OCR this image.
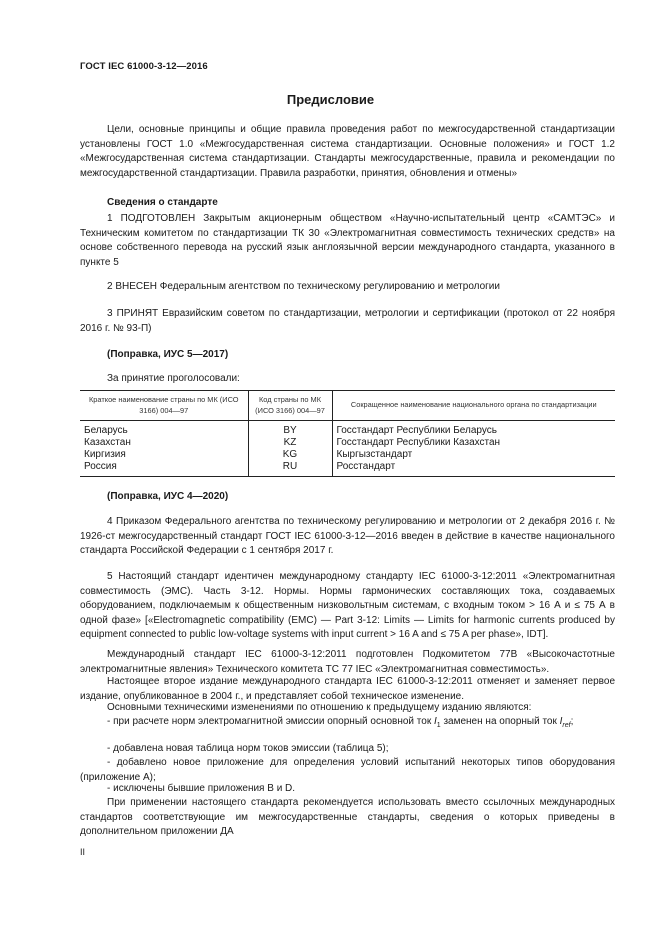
ГОСТ IEC 61000-3-12—2016
Предисловие

Цели, основные принципы и общие правила проведения работ по межгосударственной стандартизации установлены ГОСТ 1.0 «Межгосударственная система стандартизации. Основные положения» и ГОСТ 1.2 «Межгосударственная система стандартизации. Стандарты межгосударственные, правила и рекомендации по межгосударственной стандартизации. Правила разработки, принятия, обновления и отмены»

Сведения о стандарте

1 ПОДГОТОВЛЕН Закрытым акционерным обществом «Научно-испытательный центр «САМТЭС» и Техническим комитетом по стандартизации ТК 30 «Электромагнитная совместимость технических средств» на основе собственного перевода на русский язык англоязычной версии международного стандарта, указанного в пункте 5

2 ВНЕСЕН Федеральным агентством по техническому регулированию и метрологии

3 ПРИНЯТ Евразийским советом по стандартизации, метрологии и сертификации (протокол от 22 ноября 2016 г. № 93-П)

(Поправка, ИУС 5—2017)

За принятие проголосовали:

Краткое наименование страны по МК (ИСО 3166) 004—97	Код страны по МК (ИСО 3166) 004—97	Сокращенное наименование национального органа по стандартизации
Беларусь	BY	Госстандарт Республики Беларусь
Казахстан	KZ	Госстандарт Республики Казахстан
Киргизия	KG	Кыргызстандарт
Россия	RU	Росстандарт

(Поправка, ИУС 4—2020)

4 Приказом Федерального агентства по техническому регулированию и метрологии от 2 декабря 2016 г. № 1926-ст межгосударственный стандарт ГОСТ IEC 61000-3-12—2016 введен в действие в качестве национального стандарта Российской Федерации с 1 сентября 2017 г.

5 Настоящий стандарт идентичен международному стандарту IEC 61000-3-12:2011 «Электромагнитная совместимость (ЭМС). Часть 3-12. Нормы. Нормы гармонических составляющих тока, создаваемых оборудованием, подключаемым к общественным низковольтным системам, с входным током > 16 А и ≤ 75 А в одной фазе» [«Electromagnetic compatibility (EMC) — Part 3-12: Limits — Limits for harmonic currents produced by equipment connected to public low-voltage systems with input current > 16 A and ≤ 75 A per phase», IDT].

Международный стандарт IEC 61000-3-12:2011 подготовлен Подкомитетом 77В «Высокочастотные электромагнитные явления» Технического комитета ТС 77 IEC «Электромагнитная совместимость».

Настоящее второе издание международного стандарта IEC 61000-3-12:2011 отменяет и заменяет первое издание, опубликованное в 2004 г., и представляет собой техническое изменение.

Основными техническими изменениями по отношению к предыдущему изданию являются:

- при расчете норм электромагнитной эмиссии опорный основной ток $I_1$ заменен на опорный ток $I_{ref}$;

- добавлена новая таблица норм токов эмиссии (таблица 5);

- добавлено новое приложение для определения условий испытаний некоторых типов оборудования (приложение А);

- исключены бывшие приложения B и D.

При применении настоящего стандарта рекомендуется использовать вместо ссылочных международных стандартов соответствующие им межгосударственные стандарты, сведения о которых приведены в дополнительном приложении ДА

II
